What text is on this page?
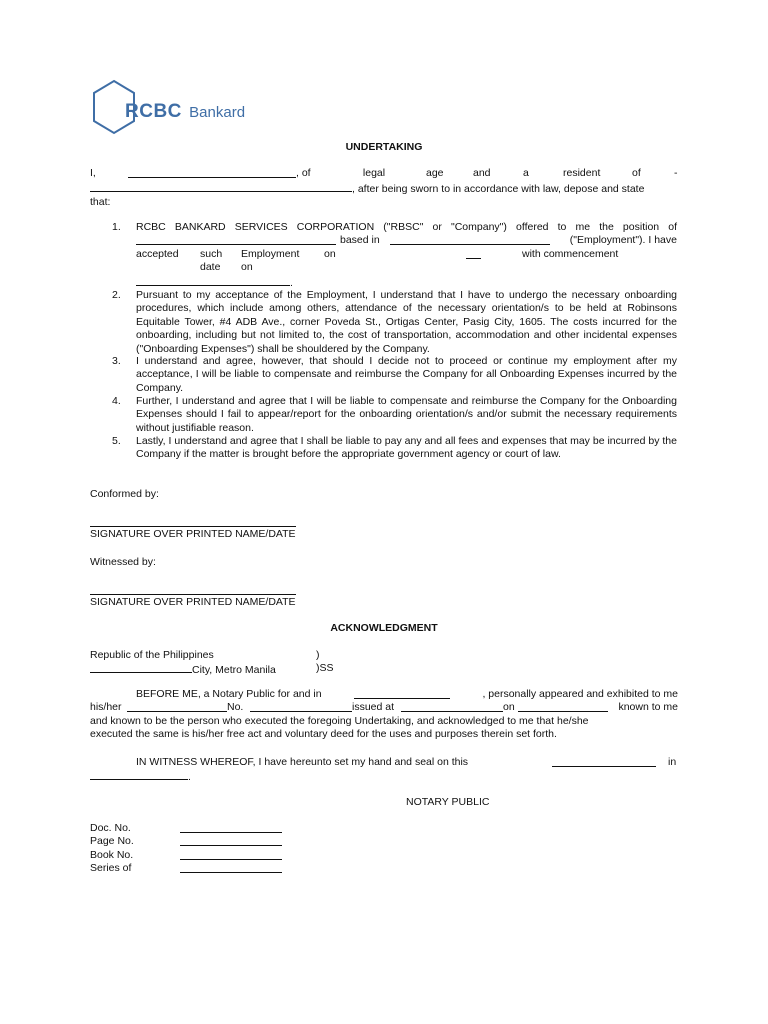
RCBC Bankard
UNDERTAKING
I,	, of	legal	age	and	a	resident	of	-
, after being sworn to in accordance with law, depose and state
that:
1. RCBC BANKARD SERVICES CORPORATION ("RBSC" or "Company") offered to me the position of
based in	("Employment"). I have
accepted such Employment on	with commencement
date on
.
2. Pursuant to my acceptance of the Employment, I understand that I have to undergo the necessary onboarding procedures, which include among others, attendance of the necessary orientation/s to be held at Robinsons Equitable Tower, #4 ADB Ave., corner Poveda St., Ortigas Center, Pasig City, 1605. The costs incurred for the onboarding, including but not limited to, the cost of transportation, accommodation and other incidental expenses ("Onboarding Expenses") shall be shouldered by the Company.
3. I understand and agree, however, that should I decide not to proceed or continue my employment after my acceptance, I will be liable to compensate and reimburse the Company for all Onboarding Expenses incurred by the Company.
4. Further, I understand and agree that I will be liable to compensate and reimburse the Company for the Onboarding Expenses should I fail to appear/report for the onboarding orientation/s and/or submit the necessary requirements without justifiable reason.
5. Lastly, I understand and agree that I shall be liable to pay any and all fees and expenses that may be incurred by the Company if the matter is brought before the appropriate government agency or court of law.
Conformed by:
SIGNATURE OVER PRINTED NAME/DATE
Witnessed by:
SIGNATURE OVER PRINTED NAME/DATE
ACKNOWLEDGMENT
Republic of the Philippines	)
City, Metro Manila	)SS
BEFORE ME, a Notary Public for and in	, personally appeared and exhibited to me
his/her	No.	issued at	on	known to me
and known to be the person who executed the foregoing Undertaking, and acknowledged to me that he/she
executed the same is his/her free act and voluntary deed for the uses and purposes therein set forth.
IN WITNESS WHEREOF, I have hereunto set my hand and seal on this	in
.
NOTARY PUBLIC
Doc. No.
Page No.
Book No.
Series of
